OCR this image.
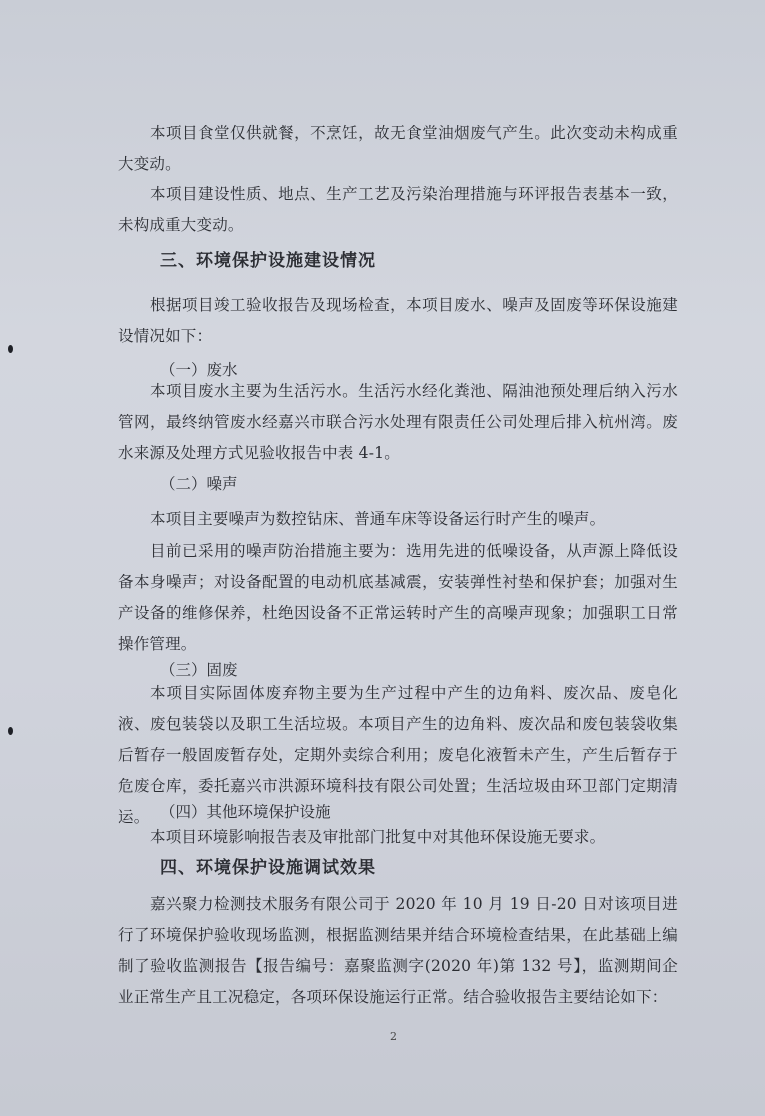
本项目食堂仅供就餐，不烹饪，故无食堂油烟废气产生。此次变动未构成重大变动。

本项目建设性质、地点、生产工艺及污染治理措施与环评报告表基本一致，未构成重大变动。

三、环境保护设施建设情况

根据项目竣工验收报告及现场检查，本项目废水、噪声及固废等环保设施建设情况如下：

（一）废水

本项目废水主要为生活污水。生活污水经化粪池、隔油池预处理后纳入污水管网，最终纳管废水经嘉兴市联合污水处理有限责任公司处理后排入杭州湾。废水来源及处理方式见验收报告中表 4-1。

（二）噪声

本项目主要噪声为数控钻床、普通车床等设备运行时产生的噪声。

目前已采用的噪声防治措施主要为：选用先进的低噪设备，从声源上降低设备本身噪声；对设备配置的电动机底基减震，安装弹性衬垫和保护套；加强对生产设备的维修保养，杜绝因设备不正常运转时产生的高噪声现象；加强职工日常操作管理。

（三）固废

本项目实际固体废弃物主要为生产过程中产生的边角料、废次品、废皂化液、废包装袋以及职工生活垃圾。本项目产生的边角料、废次品和废包装袋收集后暂存一般固废暂存处，定期外卖综合利用；废皂化液暂未产生，产生后暂存于危废仓库，委托嘉兴市洪源环境科技有限公司处置；生活垃圾由环卫部门定期清运。 （四）其他环境保护设施

本项目环境影响报告表及审批部门批复中对其他环保设施无要求。

四、环境保护设施调试效果

嘉兴聚力检测技术服务有限公司于 2020 年 10 月 19 日-20 日对该项目进行了环境保护验收现场监测，根据监测结果并结合环境检查结果，在此基础上编制了验收监测报告【报告编号：嘉聚监测字(2020 年)第 132 号】，监测期间企业正常生产且工况稳定，各项环保设施运行正常。结合验收报告主要结论如下：

2
